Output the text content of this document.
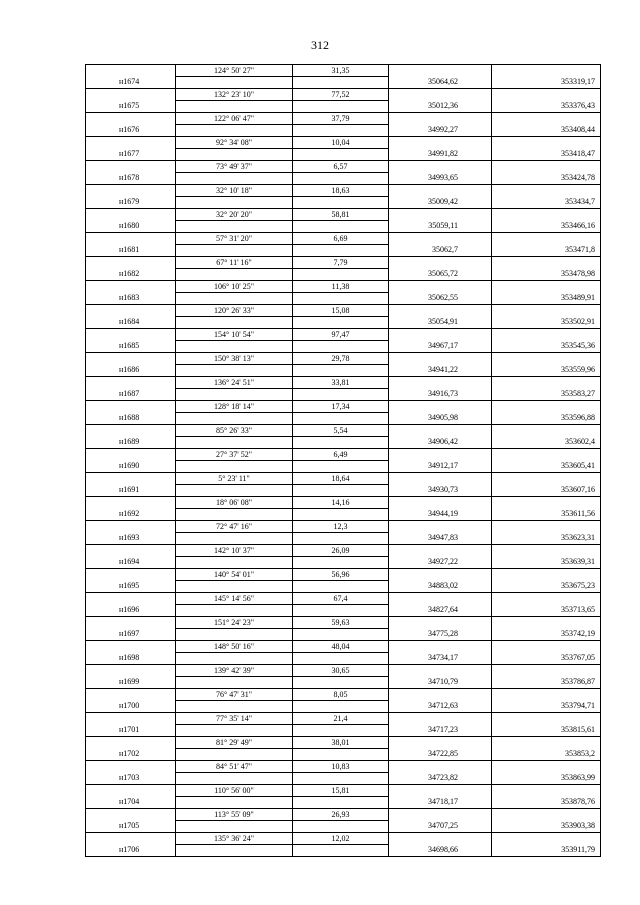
312
	124° 50' 27"	31,35		
н1674			35064,62	353319,17
	132° 23' 10"	77,52		
н1675			35012,36	353376,43
	122° 06' 47"	37,79		
н1676			34992,27	353408,44
	92° 34' 08"	10,04		
н1677			34991,82	353418,47
	73° 49' 37"	6,57		
н1678			34993,65	353424,78
	32° 10' 18"	18,63		
н1679			35009,42	353434,7
	32° 20' 20"	58,81		
н1680			35059,11	353466,16
	57° 31' 20"	6,69		
н1681			35062,7	353471,8
	67° 11' 16"	7,79		
н1682			35065,72	353478,98
	106° 10' 25"	11,38		
н1683			35062,55	353489,91
	120° 26' 33"	15,08		
н1684			35054,91	353502,91
	154° 10' 54"	97,47		
н1685			34967,17	353545,36
	150° 38' 13"	29,78		
н1686			34941,22	353559,96
	136° 24' 51"	33,81		
н1687			34916,73	353583,27
	128° 18' 14"	17,34		
н1688			34905,98	353596,88
	85° 26' 33"	5,54		
н1689			34906,42	353602,4
	27° 37' 52"	6,49		
н1690			34912,17	353605,41
	5° 23' 11"	18,64		
н1691			34930,73	353607,16
	18° 06' 08"	14,16		
н1692			34944,19	353611,56
	72° 47' 16"	12,3		
н1693			34947,83	353623,31
	142° 10' 37"	26,09		
н1694			34927,22	353639,31
	140° 54' 01"	56,96		
н1695			34883,02	353675,23
	145° 14' 56"	67,4		
н1696			34827,64	353713,65
	151° 24' 23"	59,63		
н1697			34775,28	353742,19
	148° 50' 16"	48,04		
н1698			34734,17	353767,05
	139° 42' 39"	30,65		
н1699			34710,79	353786,87
	76° 47' 31"	8,05		
н1700			34712,63	353794,71
	77° 35' 14"	21,4		
н1701			34717,23	353815,61
	81° 29' 49"	38,01		
н1702			34722,85	353853,2
	84° 51' 47"	10,83		
н1703			34723,82	353863,99
	110° 56' 00"	15,81		
н1704			34718,17	353878,76
	113° 55' 09"	26,93		
н1705			34707,25	353903,38
	135° 36' 24"	12,02		
н1706			34698,66	353911,79
